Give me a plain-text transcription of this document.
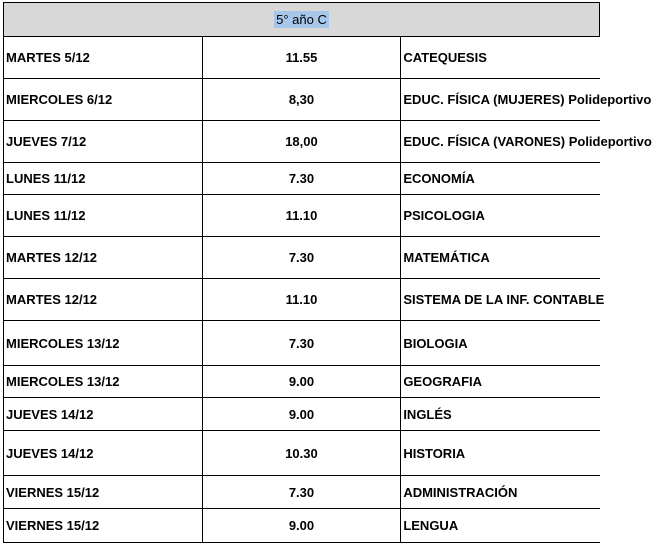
5° año C		
MARTES 5/12	11.55	CATEQUESIS
MIERCOLES 6/12	8,30	EDUC. FÍSICA (MUJERES) Polideportivo
JUEVES 7/12	18,00	EDUC. FÍSICA (VARONES) Polideportivo
LUNES 11/12	7.30	ECONOMÍA
LUNES 11/12	11.10	PSICOLOGIA
MARTES 12/12	7.30	MATEMÁTICA
MARTES 12/12	11.10	SISTEMA DE LA INF. CONTABLE
MIERCOLES 13/12	7.30	BIOLOGIA
MIERCOLES 13/12	9.00	GEOGRAFIA
JUEVES 14/12	9.00	INGLÉS
JUEVES 14/12	10.30	HISTORIA
VIERNES 15/12	7.30	ADMINISTRACIÓN
VIERNES 15/12	9.00	LENGUA
